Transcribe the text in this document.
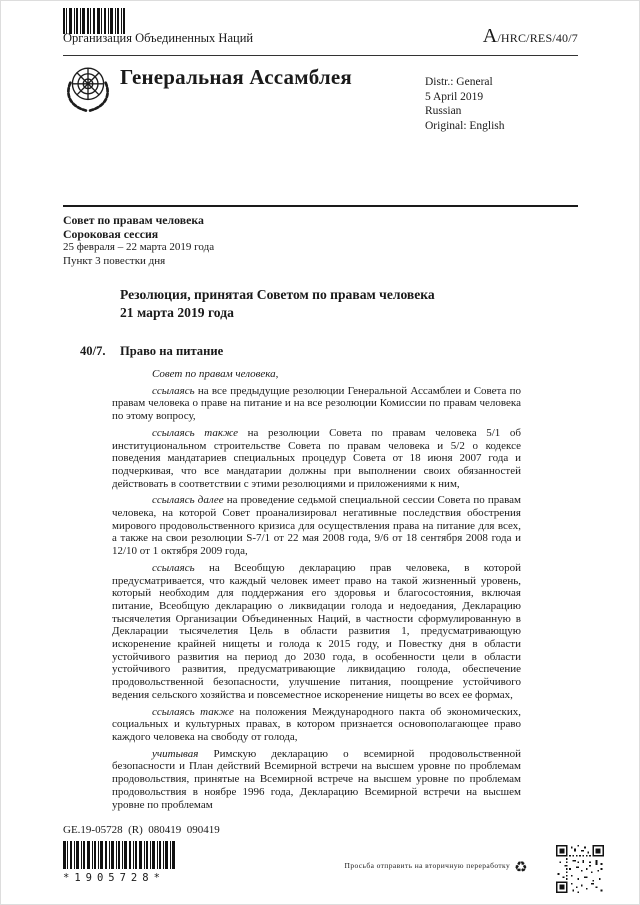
Организация Объединенных Наций	A/HRC/RES/40/7
Генеральная Ассамблея	Distr.: General
5 April 2019
Russian
Original: English
Совет по правам человека
Сороковая сессия
25 февраля – 22 марта 2019 года
Пункт 3 повестки дня
Резолюция, принятая Советом по правам человека
21 марта 2019 года
40/7. Право на питание

Совет по правам человека,

ссылаясь на все предыдущие резолюции Генеральной Ассамблеи и Совета по правам человека о праве на питание и на все резолюции Комиссии по правам человека по этому вопросу,

ссылаясь также на резолюции Совета по правам человека 5/1 об институциональном строительстве Совета по правам человека и 5/2 о кодексе поведения мандатариев специальных процедур Совета от 18 июня 2007 года и подчеркивая, что все мандатарии должны при выполнении своих обязанностей действовать в соответствии с этими резолюциями и приложениями к ним,

ссылаясь далее на проведение седьмой специальной сессии Совета по правам человека, на которой Совет проанализировал негативные последствия обострения мирового продовольственного кризиса для осуществления права на питание для всех, а также на свои резолюции S-7/1 от 22 мая 2008 года, 9/6 от 18 сентября 2008 года и 12/10 от 1 октября 2009 года,

ссылаясь на Всеобщую декларацию прав человека, в которой предусматривается, что каждый человек имеет право на такой жизненный уровень, который необходим для поддержания его здоровья и благосостояния, включая питание, Всеобщую декларацию о ликвидации голода и недоедания, Декларацию тысячелетия Организации Объединенных Наций, в частности сформулированную в Декларации тысячелетия Цель в области развития 1, предусматривающую искоренение крайней нищеты и голода к 2015 году, и Повестку дня в области устойчивого развития на период до 2030 года, в особенности цели в области устойчивого развития, предусматривающие ликвидацию голода, обеспечение продовольственной безопасности, улучшение питания, поощрение устойчивого ведения сельского хозяйства и повсеместное искоренение нищеты во всех ее формах,

ссылаясь также на положения Международного пакта об экономических, социальных и культурных правах, в котором признается основополагающее право каждого человека на свободу от голода,

учитывая Римскую декларацию о всемирной продовольственной безопасности и План действий Всемирной встречи на высшем уровне по проблемам продовольствия, принятые на Всемирной встрече на высшем уровне по проблемам продовольствия в ноябре 1996 года, Декларацию Всемирной встречи на высшем уровне по проблемам

GE.19-05728  (R)  080419  090419
*1905728*
Просьба отправить на вторичную переработку ♻
